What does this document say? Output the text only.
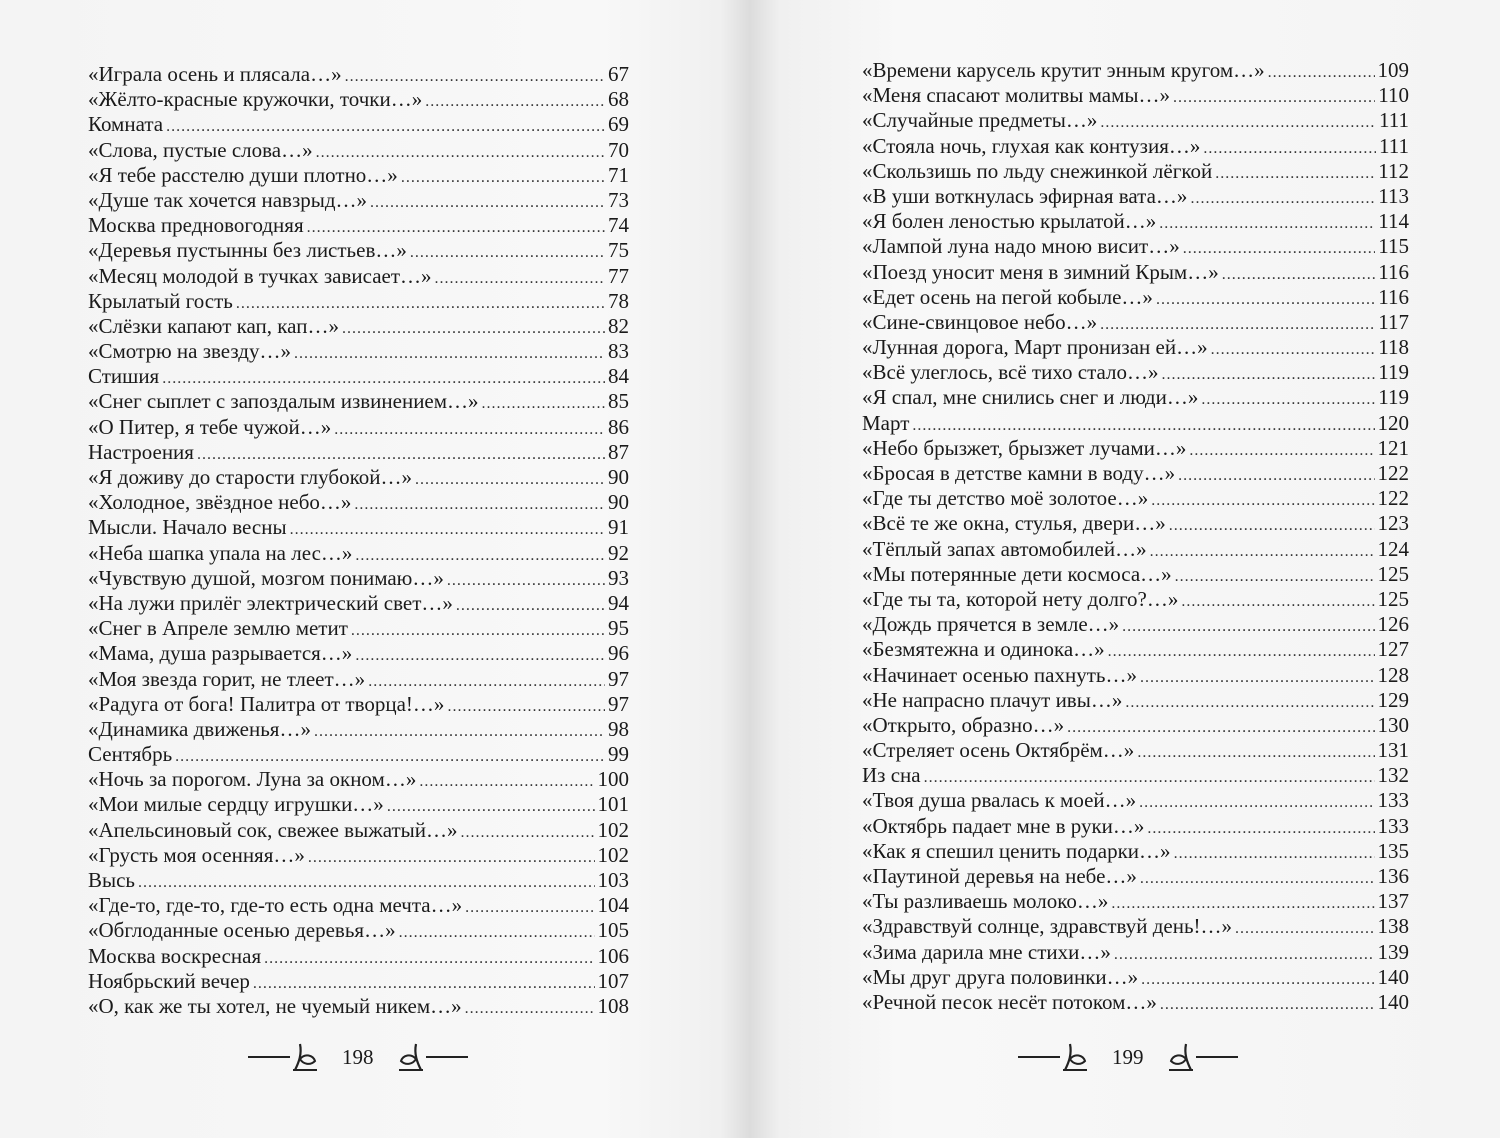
«Играла осень и плясала…» .....	67
«Жёлто-красные кружочки, точки…» .....	68
Комната .....	69
«Слова, пустые слова…» .....	70
«Я тебе расстелю души плотно…» .....	71
«Душе так хочется навзрыд…» .....	73
Москва предновогодняя .....	74
«Деревья пустынны без листьев…» .....	75
«Месяц молодой в тучках зависает…» .....	77
Крылатый гость .....	78
«Слёзки капают кап, кап…» .....	82
«Смотрю на звезду…» .....	83
Стишия .....	84
«Снег сыплет с запоздалым извинением…» .....	85
«О Питер, я тебе чужой…» .....	86
Настроения .....	87
«Я доживу до старости глубокой…» .....	90
«Холодное, звёздное небо…» .....	90
Мысли. Начало весны .....	91
«Неба шапка упала на лес…» .....	92
«Чувствую душой, мозгом понимаю…» .....	93
«На лужи прилёг электрический свет…» .....	94
«Снег в Апреле землю метит .....	95
«Мама, душа разрывается…» .....	96
«Моя звезда горит, не тлеет…» .....	97
«Радуга от бога! Палитра от творца!…» .....	97
«Динамика движенья…» .....	98
Сентябрь .....	99
«Ночь за порогом. Луна за окном…» .....	100
«Мои милые сердцу игрушки…» .....	101
«Апельсиновый сок, свежее выжатый…» .....	102
«Грусть моя осенняя…» .....	102
Высь .....	103
«Где-то, где-то, где-то есть одна мечта…» .....	104
«Обглоданные осенью деревья…» .....	105
Москва воскресная .....	106
Ноябрьский вечер .....	107
«О, как же ты хотел, не чуемый никем…» .....	108
198
«Времени карусель крутит энным кругом…» .....	109
«Меня спасают молитвы мамы…» .....	110
«Случайные предметы…» .....	111
«Стояла ночь, глухая как контузия…» .....	111
«Скользишь по льду снежинкой лёгкой .....	112
«В уши воткнулась эфирная вата…» .....	113
«Я болен леностью крылатой…» .....	114
«Лампой луна надо мною висит…» .....	115
«Поезд уносит меня в зимний Крым…» .....	116
«Едет осень на пегой кобыле…» .....	116
«Сине-свинцовое небо…» .....	117
«Лунная дорога, Март пронизан ей…» .....	118
«Всё улеглось, всё тихо стало…» .....	119
«Я спал, мне снились снег и люди…» .....	119
Март .....	120
«Небо брызжет, брызжет лучами…» .....	121
«Бросая в детстве камни в воду…» .....	122
«Где ты детство моё золотое…» .....	122
«Всё те же окна, стулья, двери…» .....	123
«Тёплый запах автомобилей…» .....	124
«Мы потерянные дети космоса…» .....	125
«Где ты та, которой нету долго?…» .....	125
«Дождь прячется в земле…» .....	126
«Безмятежна и одинока…» .....	127
«Начинает осенью пахнуть…» .....	128
«Не напрасно плачут ивы…» .....	129
«Открыто, образно…» .....	130
«Стреляет осень Октябрём…» .....	131
Из сна .....	132
«Твоя душа рвалась к моей…» .....	133
«Октябрь падает мне в руки…» .....	133
«Как я спешил ценить подарки…» .....	135
«Паутиной деревья на небе…» .....	136
«Ты разливаешь молоко…» .....	137
«Здравствуй солнце, здравствуй день!…» .....	138
«Зима дарила мне стихи…» .....	139
«Мы друг друга половинки…» .....	140
«Речной песок несёт потоком…» .....	140
199
